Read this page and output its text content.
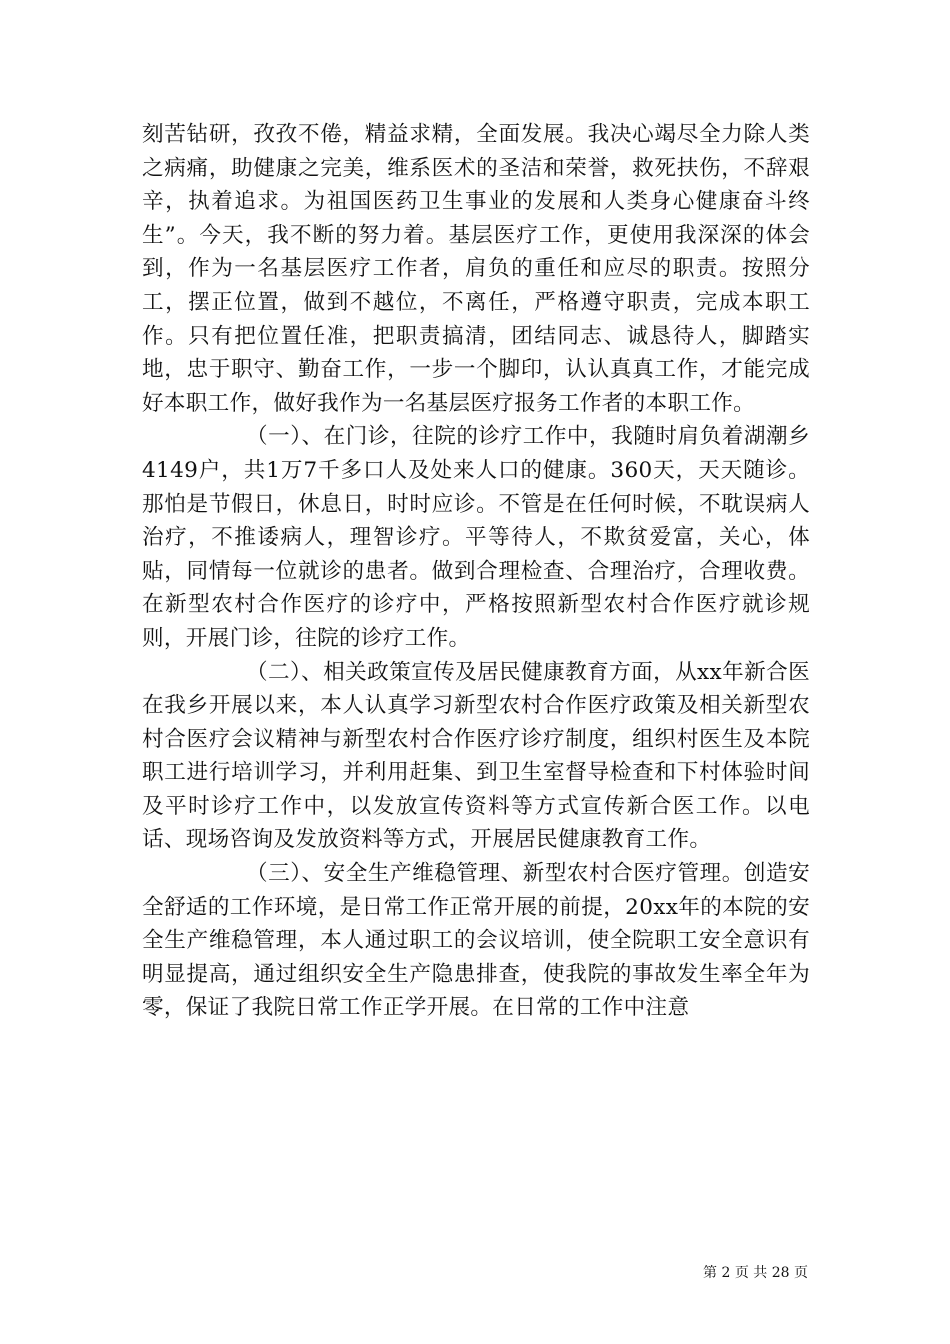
刻苦钻研，孜孜不倦，精益求精，全面发展。我决心竭尽全力除人类之病痛，助健康之完美，维系医术的圣洁和荣誉，救死扶伤，不辞艰辛，执着追求。为祖国医药卫生事业的发展和人类身心健康奋斗终生”。今天，我不断的努力着。基层医疗工作，更使用我深深的体会到，作为一名基层医疗工作者，肩负的重任和应尽的职责。按照分工，摆正位置，做到不越位，不离任，严格遵守职责，完成本职工作。只有把位置任准，把职责搞清，团结同志、诚恳待人，脚踏实地，忠于职守、勤奋工作，一步一个脚印，认认真真工作，才能完成好本职工作，做好我作为一名基层医疗报务工作者的本职工作。

（一）、在门诊，往院的诊疗工作中，我随时肩负着湖潮乡4149户，共1万7千多口人及处来人口的健康。360天，天天随诊。那怕是节假日，休息日，时时应诊。不管是在任何时候，不耽误病人治疗，不推诿病人，理智诊疗。平等待人，不欺贫爱富，关心，体贴，同情每一位就诊的患者。做到合理检查、合理治疗，合理收费。在新型农村合作医疗的诊疗中，严格按照新型农村合作医疗就诊规则，开展门诊，往院的诊疗工作。

（二）、相关政策宣传及居民健康教育方面，从xx年新合医在我乡开展以来，本人认真学习新型农村合作医疗政策及相关新型农村合医疗会议精神与新型农村合作医疗诊疗制度，组织村医生及本院职工进行培训学习，并利用赶集、到卫生室督导检查和下村体验时间及平时诊疗工作中，以发放宣传资料等方式宣传新合医工作。以电话、现场咨询及发放资料等方式，开展居民健康教育工作。

（三）、安全生产维稳管理、新型农村合医疗管理。创造安全舒适的工作环境，是日常工作正常开展的前提，20xx年的本院的安全生产维稳管理，本人通过职工的会议培训，使全院职工安全意识有明显提高，通过组织安全生产隐患排查，使我院的事故发生率全年为零，保证了我院日常工作正学开展。在日常的工作中注意

第 2 页 共 28 页
